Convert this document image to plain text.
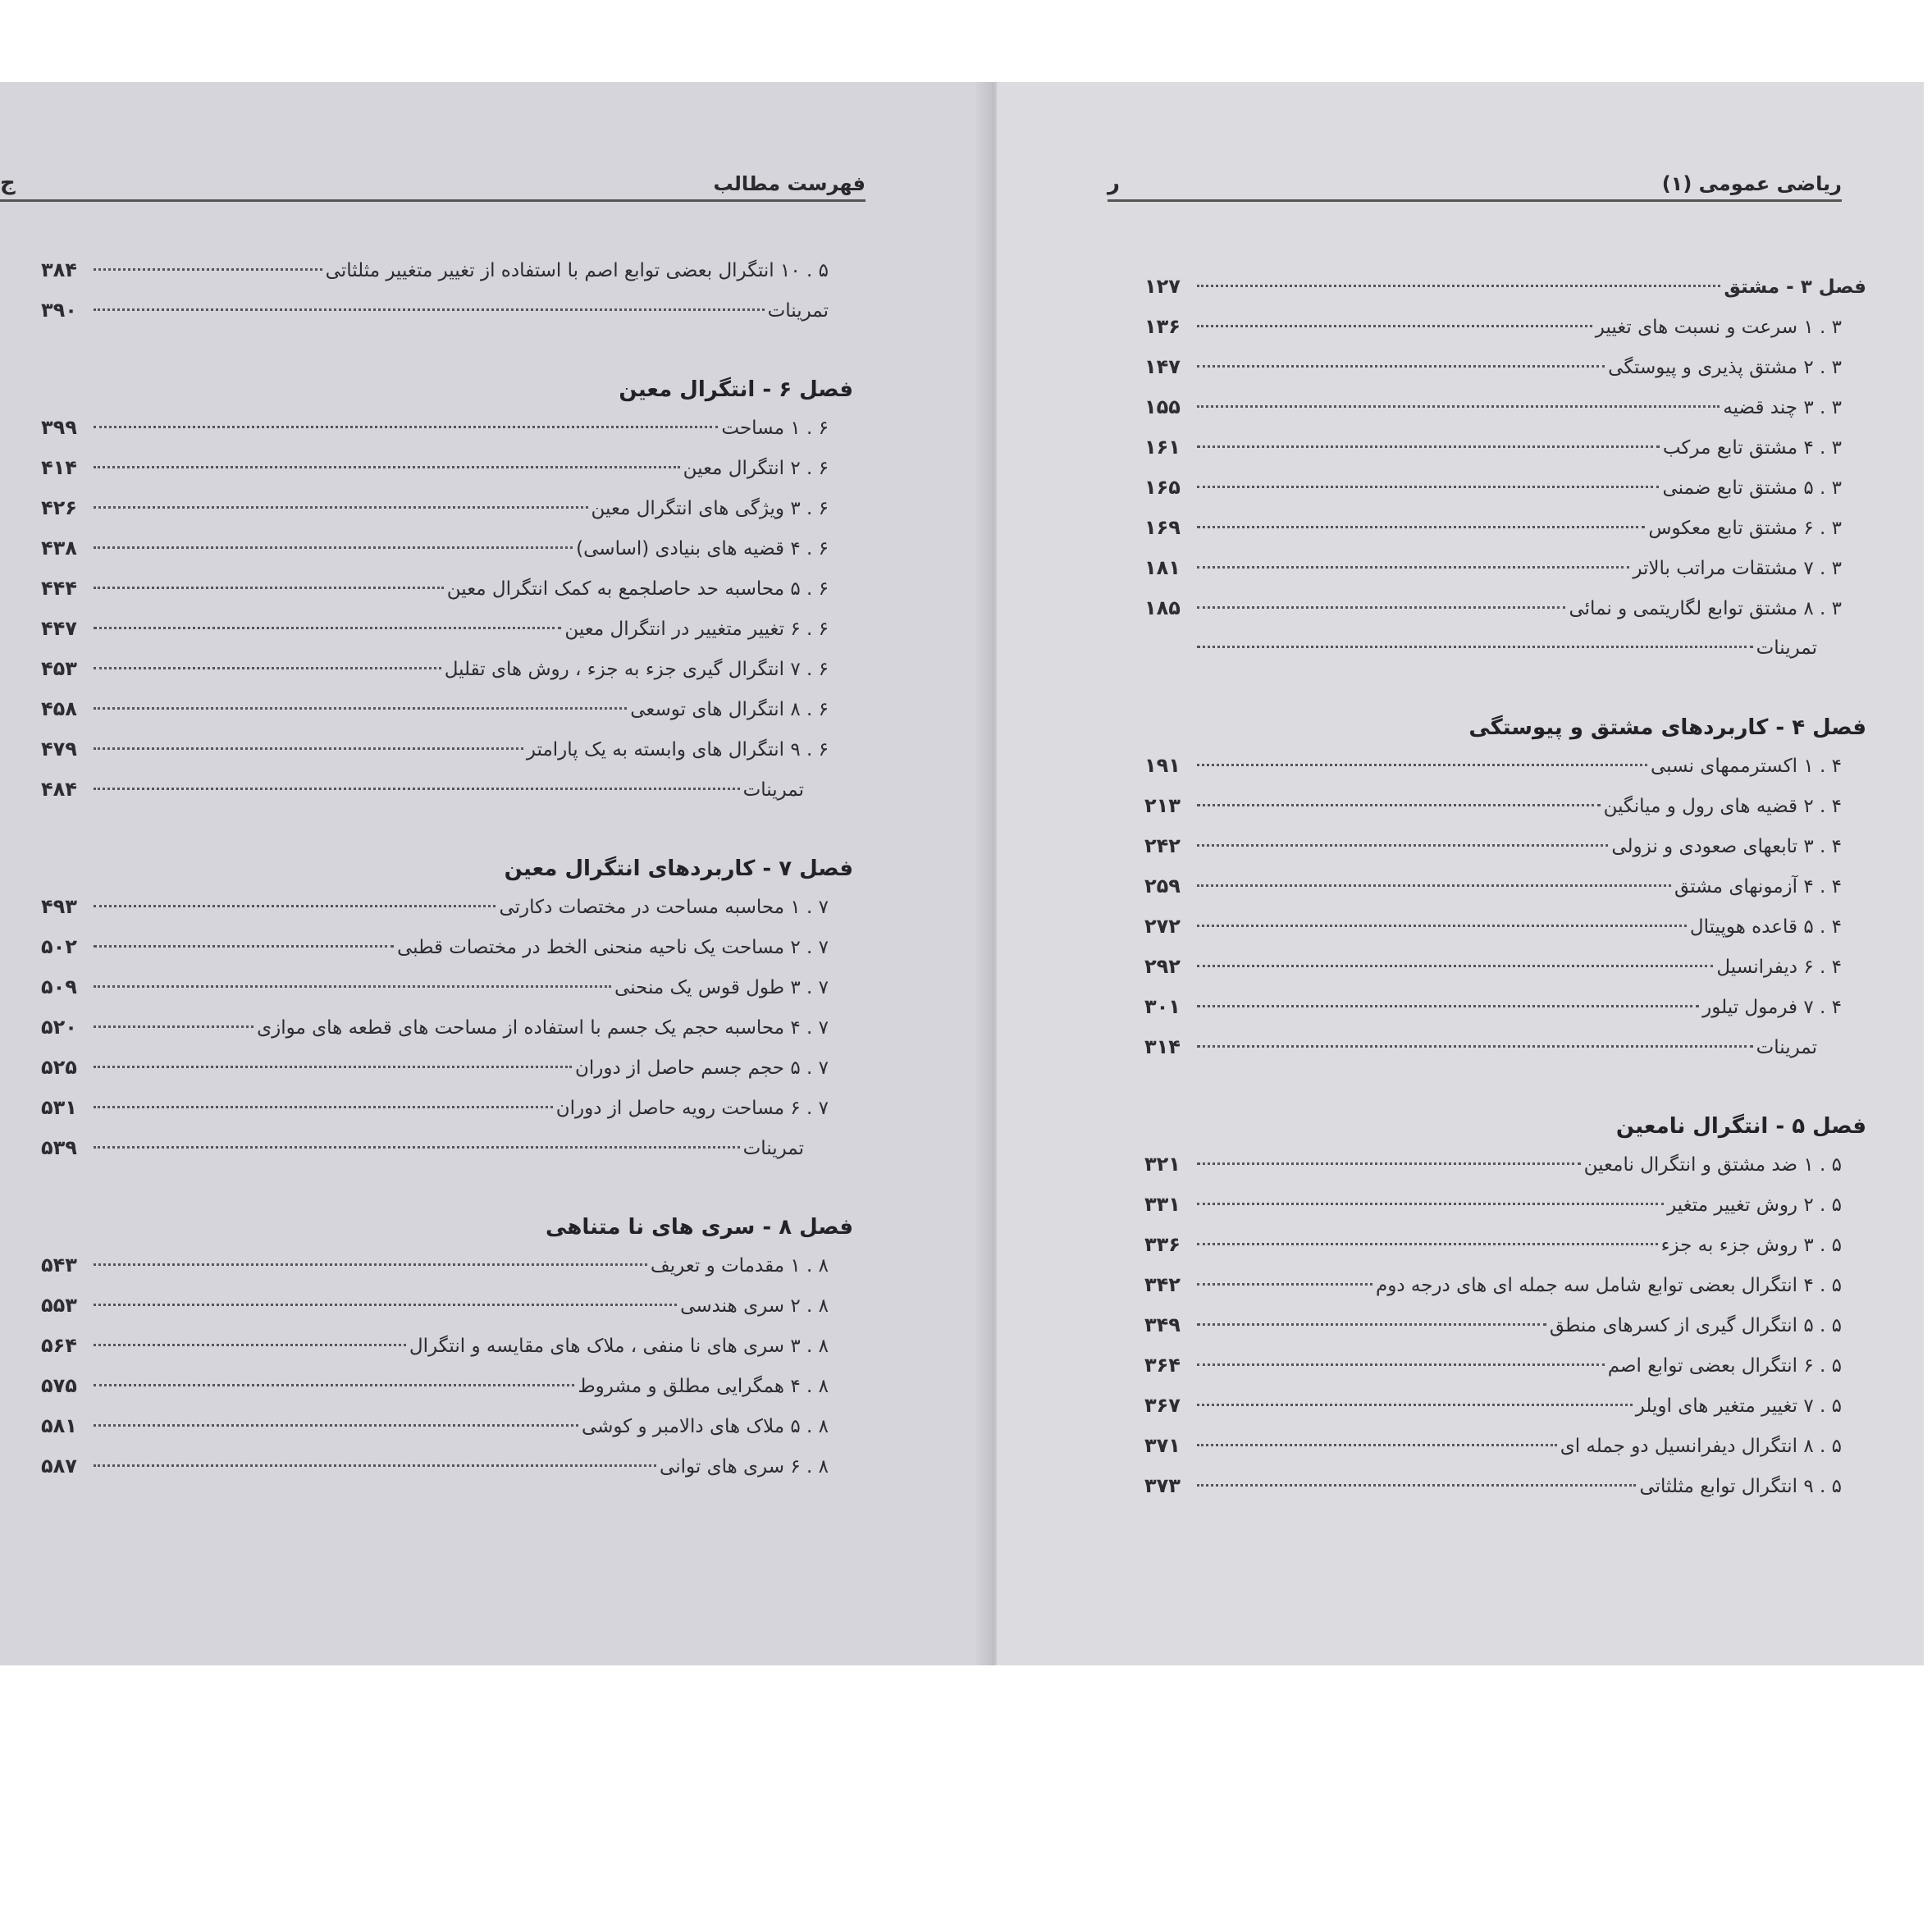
فهرست مطالب
ج
۵ . ۱۰ انتگرال بعضی توابع اصم با استفاده از تغییر متغییر مثلثاتی
۳۸۴
تمرینات
۳۹۰
فصل ۶ - انتگرال معین
۶ . ۱ مساحت
۳۹۹
۶ . ۲ انتگرال معین
۴۱۴
۶ . ۳ ویژگی های انتگرال معین
۴۲۶
۶ . ۴ قضیه های بنیادی (اساسی)
۴۳۸
۶ . ۵ محاسبه حد حاصلجمع به کمک انتگرال معین
۴۴۴
۶ . ۶ تغییر متغییر در انتگرال معین
۴۴۷
۶ . ۷ انتگرال گیری جزء به جزء ، روش های تقلیل
۴۵۳
۶ . ۸ انتگرال های توسعی
۴۵۸
۶ . ۹ انتگرال های وابسته به یک پارامتر
۴۷۹
تمرینات
۴۸۴
فصل ۷ - کاربردهای انتگرال معین
۷ . ۱ محاسبه مساحت در مختصات دکارتی
۴۹۳
۷ . ۲ مساحت یک ناحیه منحنی الخط در مختصات قطبی
۵۰۲
۷ . ۳ طول قوس یک منحنی
۵۰۹
۷ . ۴ محاسبه حجم یک جسم با استفاده از مساحت های قطعه های موازی
۵۲۰
۷ . ۵ حجم جسم حاصل از دوران
۵۲۵
۷ . ۶ مساحت رویه حاصل از دوران
۵۳۱
تمرینات
۵۳۹
فصل ۸ - سری های نا متناهی
۸ . ۱ مقدمات و تعریف
۵۴۳
۸ . ۲ سری هندسی
۵۵۳
۸ . ۳ سری های نا منفی ، ملاک های مقایسه و انتگرال
۵۶۴
۸ . ۴ همگرایی مطلق و مشروط
۵۷۵
۸ . ۵ ملاک های دالامبر و کوشی
۵۸۱
۸ . ۶ سری های توانی
۵۸۷
ریاضی عمومی (۱)
ر
فصل ۳ - مشتق
۱۲۷
۳ . ۱ سرعت و نسبت های تغییر
۱۳۶
۳ . ۲ مشتق پذیری و پیوستگی
۱۴۷
۳ . ۳ چند قضیه
۱۵۵
۳ . ۴ مشتق تابع مرکب
۱۶۱
۳ . ۵ مشتق تابع ضمنی
۱۶۵
۳ . ۶ مشتق تابع معکوس
۱۶۹
۳ . ۷ مشتقات مراتب بالاتر
۱۸۱
۳ . ۸ مشتق توابع لگاریتمی و نمائی
۱۸۵
تمرینات
فصل ۴ - کاربردهای مشتق و پیوستگی
۴ . ۱ اکسترممهای نسبی
۱۹۱
۴ . ۲ قضیه های رول و میانگین
۲۱۳
۴ . ۳ تابعهای صعودی و نزولی
۲۴۲
۴ . ۴ آزمونهای مشتق
۲۵۹
۴ . ۵ قاعده هوپیتال
۲۷۲
۴ . ۶ دیفرانسیل
۲۹۲
۴ . ۷ فرمول تیلور
۳۰۱
تمرینات
۳۱۴
فصل ۵ - انتگرال نامعین
۵ . ۱ ضد مشتق و انتگرال نامعین
۳۲۱
۵ . ۲ روش تغییر متغیر
۳۳۱
۵ . ۳ روش جزء به جزء
۳۳۶
۵ . ۴ انتگرال بعضی توابع شامل سه جمله ای های درجه دوم
۳۴۲
۵ . ۵ انتگرال گیری از کسرهای منطق
۳۴۹
۵ . ۶ انتگرال بعضی توابع اصم
۳۶۴
۵ . ۷ تغییر متغیر های اویلر
۳۶۷
۵ . ۸ انتگرال دیفرانسیل دو جمله ای
۳۷۱
۵ . ۹ انتگرال توابع مثلثاتی
۳۷۳
